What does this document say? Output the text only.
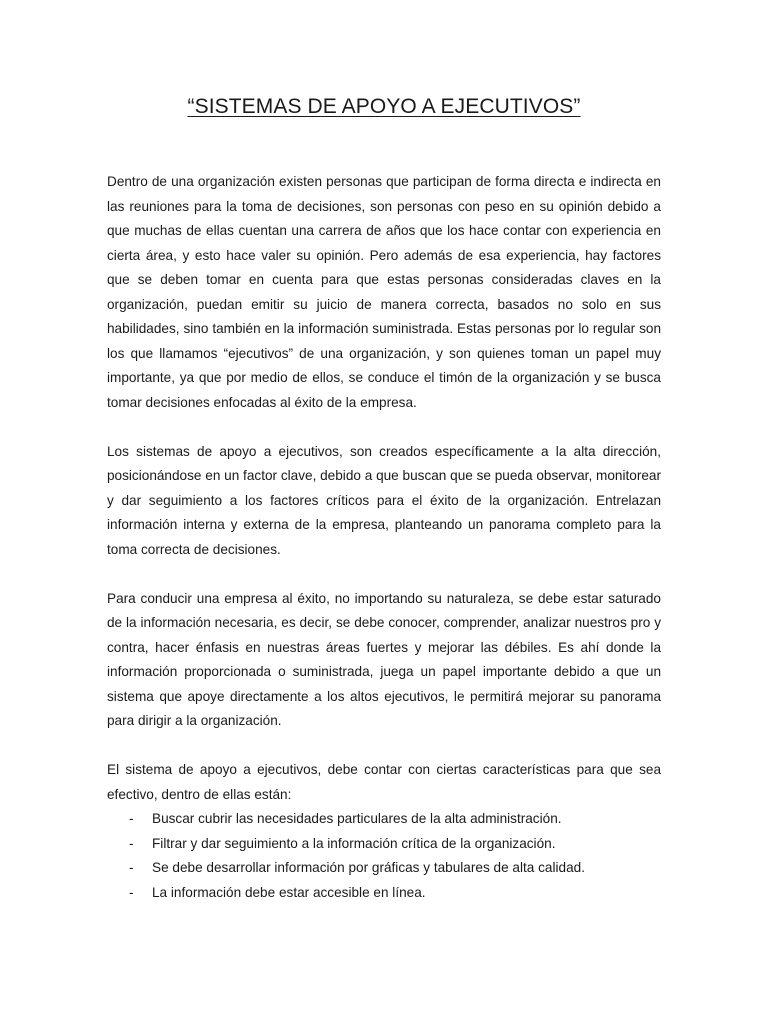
“SISTEMAS DE APOYO A EJECUTIVOS”

Dentro de una organización existen personas que participan de forma directa e indirecta en las reuniones para la toma de decisiones, son personas con peso en su opinión debido a que muchas de ellas cuentan una carrera de años que los hace contar con experiencia en cierta área, y esto hace valer su opinión. Pero además de esa experiencia, hay factores que se deben tomar en cuenta para que estas personas consideradas claves en la organización, puedan emitir su juicio de manera correcta, basados no solo en sus habilidades, sino también en la información suministrada. Estas personas por lo regular son los que llamamos “ejecutivos” de una organización, y son quienes toman un papel muy importante, ya que por medio de ellos, se conduce el timón de la organización y se busca tomar decisiones enfocadas al éxito de la empresa.

Los sistemas de apoyo a ejecutivos, son creados específicamente a la alta dirección, posicionándose en un factor clave, debido a que buscan que se pueda observar, monitorear y dar seguimiento a los factores críticos para el éxito de la organización. Entrelazan información interna y externa de la empresa, planteando un panorama completo para la toma correcta de decisiones.

Para conducir una empresa al éxito, no importando su naturaleza, se debe estar saturado de la información necesaria, es decir, se debe conocer, comprender, analizar nuestros pro y contra, hacer énfasis en nuestras áreas fuertes y mejorar las débiles. Es ahí donde la información proporcionada o suministrada, juega un papel importante debido a que un sistema que apoye directamente a los altos ejecutivos, le permitirá mejorar su panorama para dirigir a la organización.

El sistema de apoyo a ejecutivos, debe contar con ciertas características para que sea efectivo, dentro de ellas están:

- Buscar cubrir las necesidades particulares de la alta administración.
- Filtrar y dar seguimiento a la información crítica de la organización.
- Se debe desarrollar información por gráficas y tabulares de alta calidad.
- La información debe estar accesible en línea.
